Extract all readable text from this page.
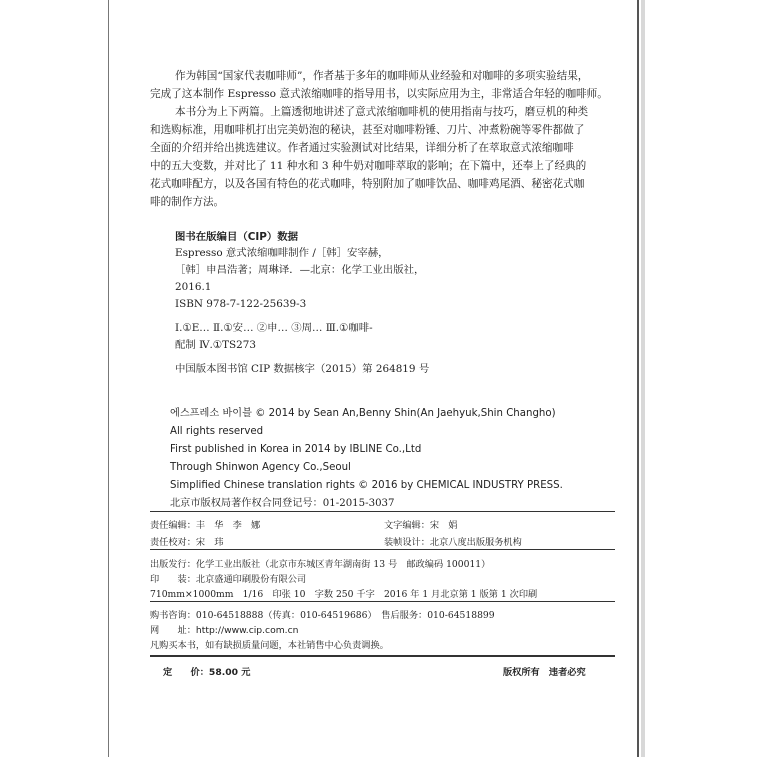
作为韩国“国家代表咖啡师”，作者基于多年的咖啡师从业经验和对咖啡的多项实验结果，
完成了这本制作 Espresso 意式浓缩咖啡的指导用书，以实际应用为主，非常适合年轻的咖啡师。
本书分为上下两篇。上篇透彻地讲述了意式浓缩咖啡机的使用指南与技巧，磨豆机的种类
和选购标准，用咖啡机打出完美奶泡的秘诀，甚至对咖啡粉锤、刀片、冲煮粉碗等零件都做了
全面的介绍并给出挑选建议。作者通过实验测试对比结果，详细分析了在萃取意式浓缩咖啡
中的五大变数，并对比了 11 种水和 3 种牛奶对咖啡萃取的影响；在下篇中，还奉上了经典的
花式咖啡配方，以及各国有特色的花式咖啡，特别附加了咖啡饮品、咖啡鸡尾酒、秘密花式咖
啡的制作方法。
图书在版编目（CIP）数据
Espresso 意式浓缩咖啡制作 /［韩］安宰赫，
［韩］申昌浩著；周琳译．—北京：化学工业出版社，
2016.1
ISBN 978-7-122-25639-3
Ⅰ.①E… Ⅱ.①安… ②申… ③周… Ⅲ.①咖啡-
配制 Ⅳ.①TS273
中国版本图书馆 CIP 数据核字（2015）第 264819 号
에스프레소 바이블 © 2014 by Sean An,Benny Shin(An Jaehyuk,Shin Changho)
All rights reserved
First published in Korea in 2014 by IBLINE Co.,Ltd
Through Shinwon Agency Co.,Seoul
Simplified Chinese translation rights © 2016 by CHEMICAL INDUSTRY PRESS.
北京市版权局著作权合同登记号：01-2015-3037
责任编辑：丰　华　李　娜	文字编辑：宋　娟
责任校对：宋　玮	装帧设计：北京八度出版服务机构
出版发行：化学工业出版社（北京市东城区青年湖南街 13 号　邮政编码 100011）
印　　装：北京盛通印刷股份有限公司
710mm×1000mm　1/16　印张 10　字数 250 千字　2016 年 1 月北京第 1 版第 1 次印刷
购书咨询：010-64518888（传真：010-64519686）　售后服务：010-64518899
网　　址：http://www.cip.com.cn
凡购买本书，如有缺损质量问题，本社销售中心负责调换。
定　　价：58.00 元	版权所有　违者必究
